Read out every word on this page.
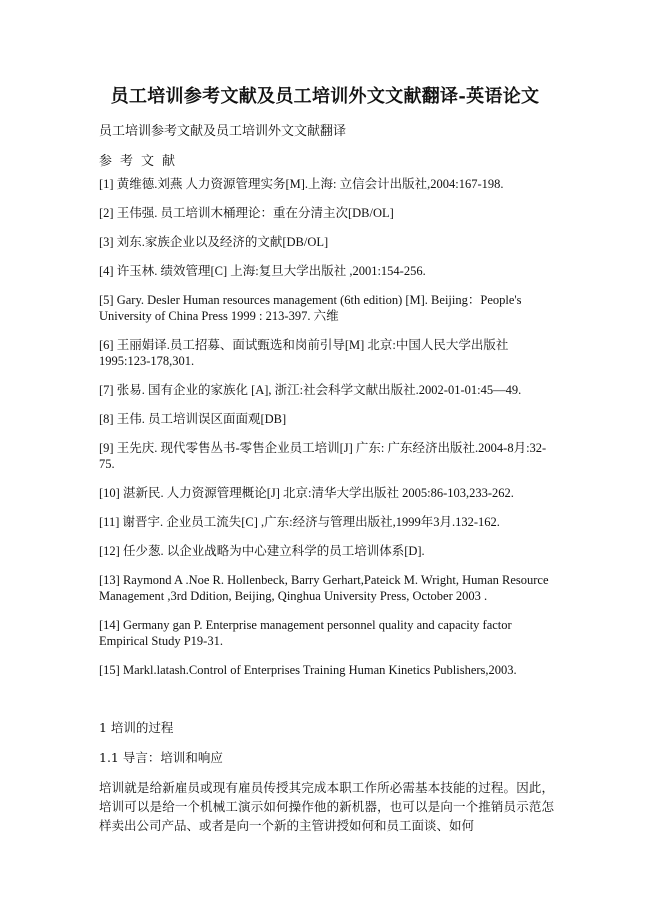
员工培训参考文献及员工培训外文文献翻译-英语论文
员工培训参考文献及员工培训外文文献翻译
参考文献
[1] 黄维德.刘燕 人力资源管理实务[M].上海: 立信会计出版社,2004:167-198.
[2] 王伟强. 员工培训木桶理论：重在分清主次[DB/OL]
[3] 刘东.家族企业以及经济的文献[DB/OL]
[4] 许玉林. 绩效管理[C] 上海:复旦大学出版社 ,2001:154-256.
[5] Gary. Desler Human resources management (6th edition) [M]. Beijing：People's University of China Press 1999 : 213-397. 六维
[6] 王丽娟译.员工招募、面试甄选和岗前引导[M] 北京:中国人民大学出版社 1995:123-178,301.
[7] 张易. 国有企业的家族化 [A], 浙江:社会科学文献出版社.2002-01-01:45—49.
[8] 王伟. 员工培训误区面面观[DB]
[9] 王先庆. 现代零售丛书-零售企业员工培训[J] 广东: 广东经济出版社.2004-8月:32-75.
[10] 湛新民. 人力资源管理概论[J] 北京:清华大学出版社 2005:86-103,233-262.
[11] 谢晋宇. 企业员工流失[C] ,广东:经济与管理出版社,1999年3月.132-162.
[12] 任少葱. 以企业战略为中心建立科学的员工培训体系[D].
[13] Raymond A .Noe R. Hollenbeck, Barry Gerhart,Pateick M. Wright, Human Resource Management ,3rd Ddition, Beijing, Qinghua University Press, October 2003 .
[14] Germany gan P. Enterprise management personnel quality and capacity factor Empirical Study P19-31.
[15] Markl.latash.Control of Enterprises Training Human Kinetics Publishers,2003.
1 培训的过程
1.1 导言：培训和响应
培训就是给新雇员或现有雇员传授其完成本职工作所必需基本技能的过程。因此，培训可以是给一个机械工演示如何操作他的新机器，也可以是向一个推销员示范怎样卖出公司产品、或者是向一个新的主管讲授如何和员工面谈、如何
